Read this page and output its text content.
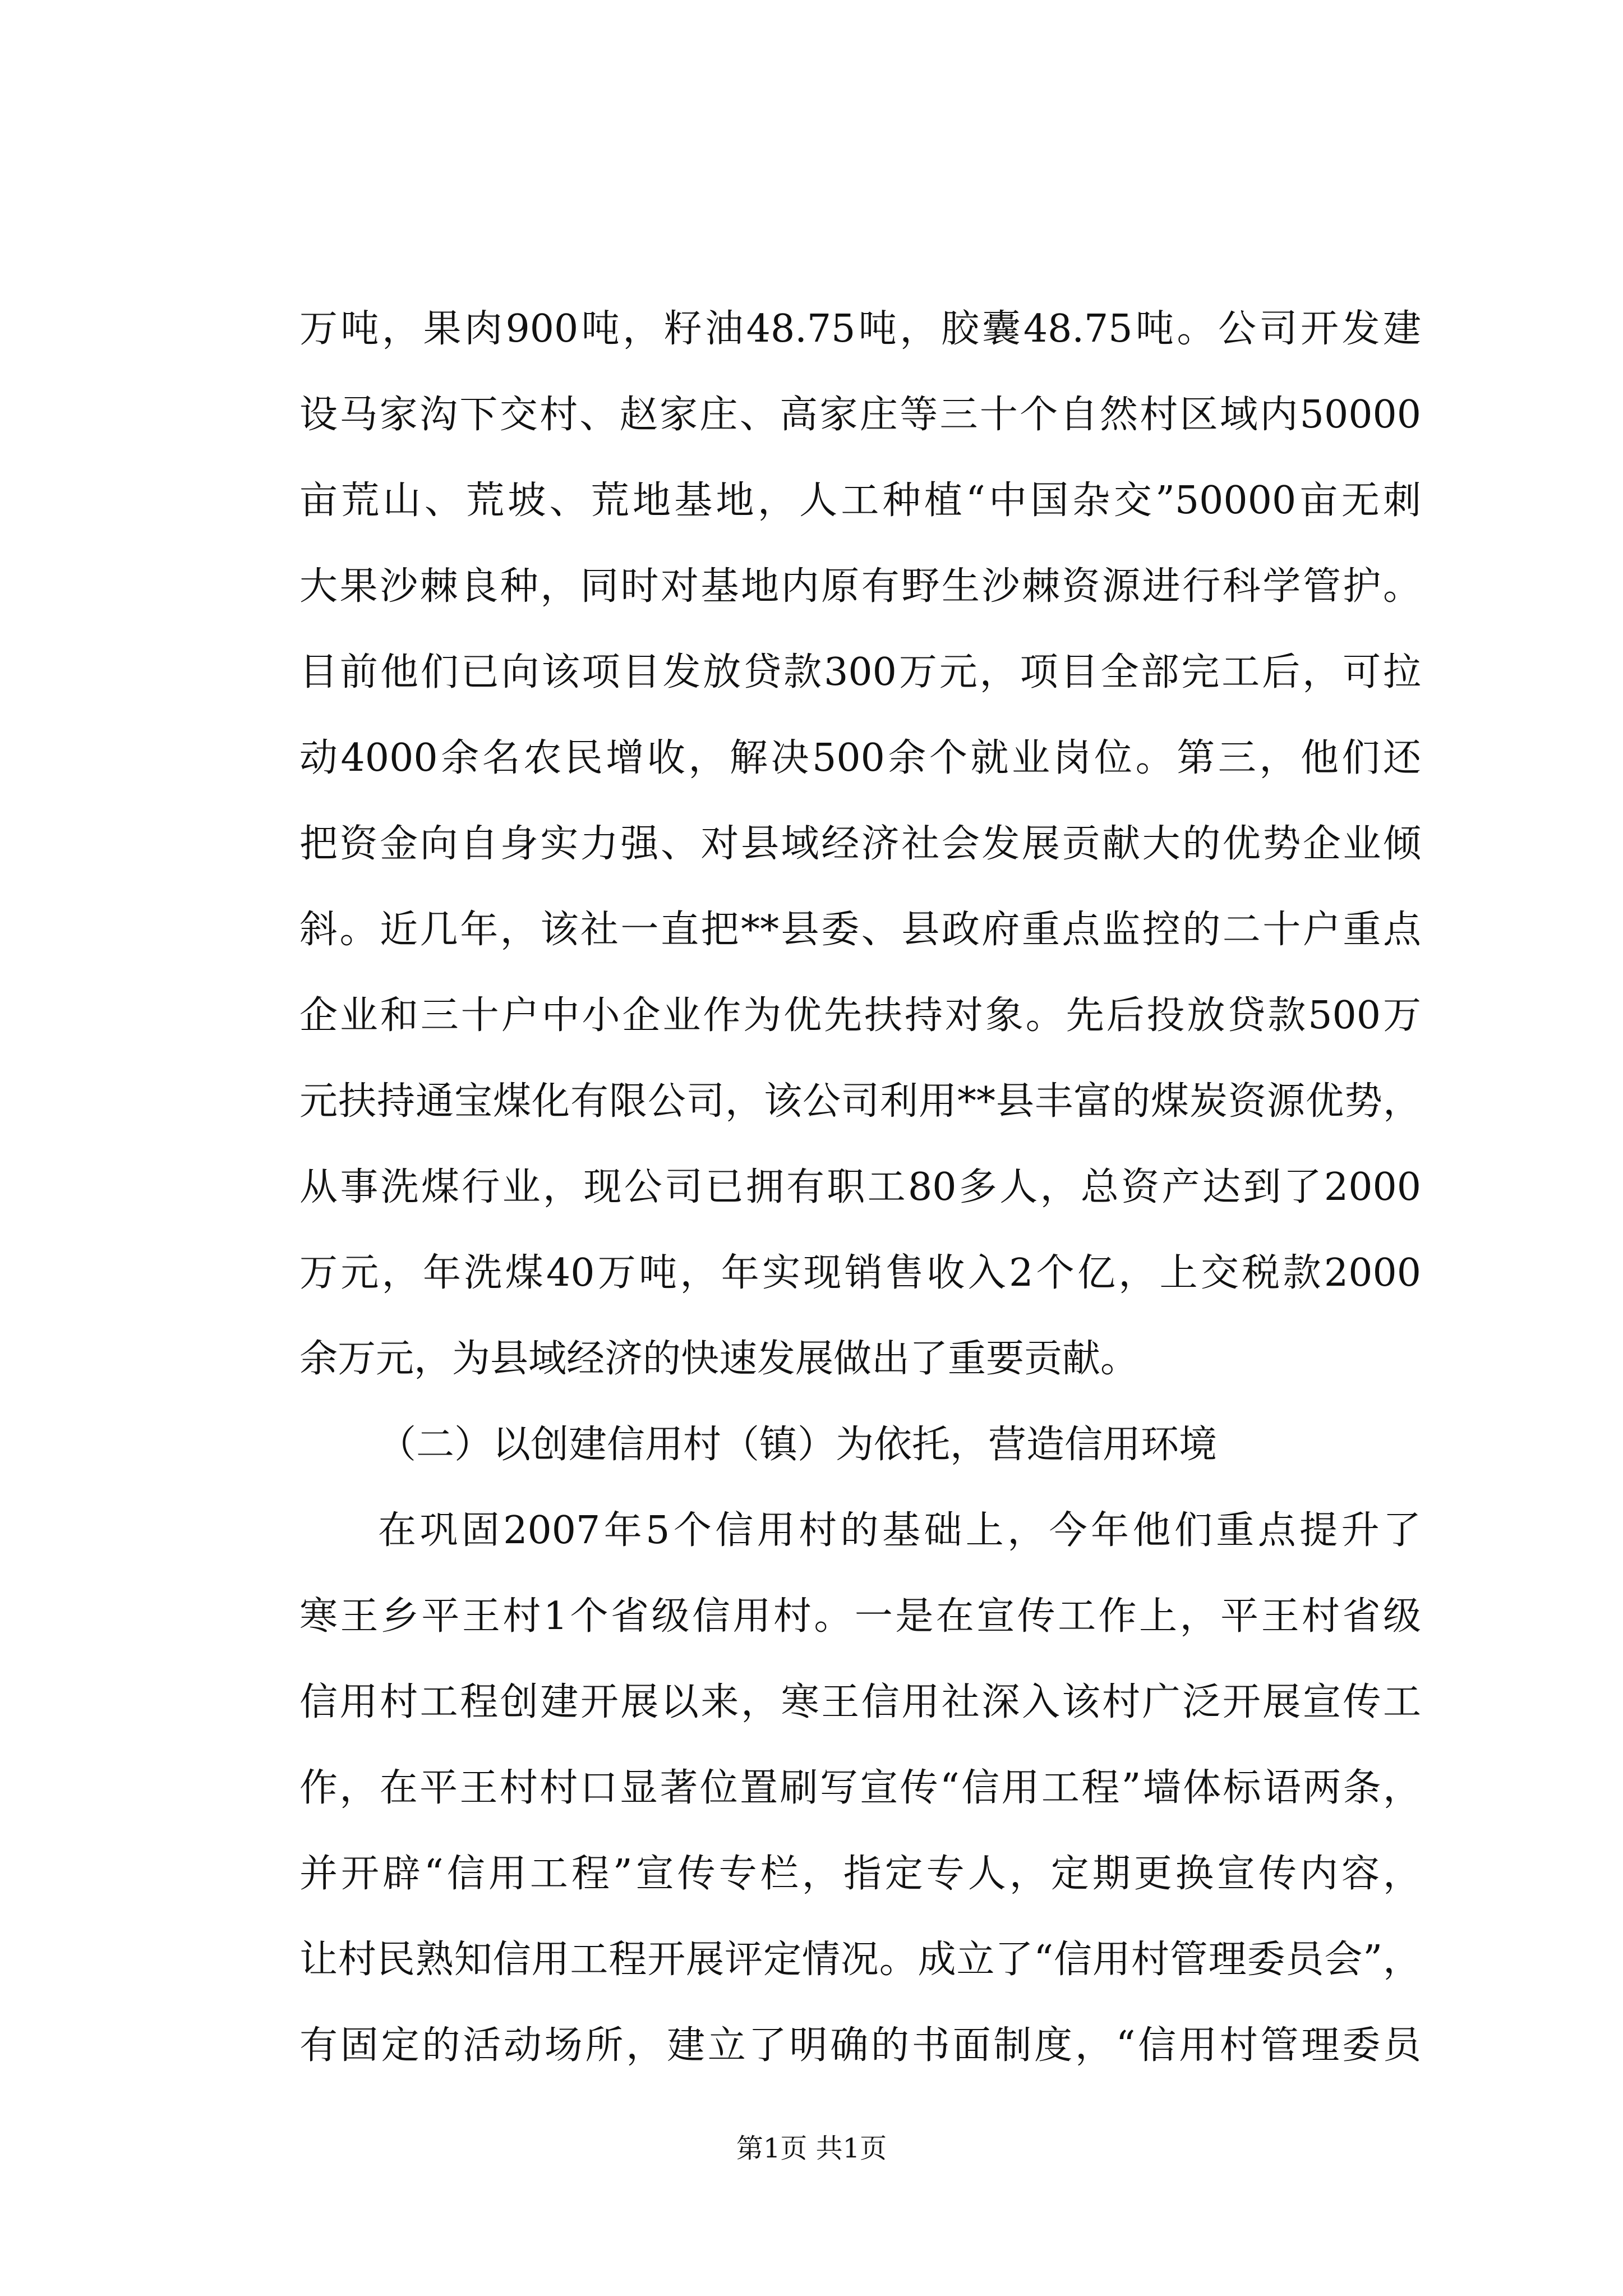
万吨，果肉900吨，籽油48.75吨，胶囊48.75吨。公司开发建
设马家沟下交村、赵家庄、高家庄等三十个自然村区域内50000
亩荒山、荒坡、荒地基地，人工种植“中国杂交”50000亩无刺
大果沙棘良种，同时对基地内原有野生沙棘资源进行科学管护。
目前他们已向该项目发放贷款300万元，项目全部完工后，可拉
动4000余名农民增收，解决500余个就业岗位。第三，他们还
把资金向自身实力强、对县域经济社会发展贡献大的优势企业倾
斜。近几年，该社一直把**县委、县政府重点监控的二十户重点
企业和三十户中小企业作为优先扶持对象。先后投放贷款500万
元扶持通宝煤化有限公司，该公司利用**县丰富的煤炭资源优势，
从事洗煤行业，现公司已拥有职工80多人，总资产达到了2000
万元，年洗煤40万吨，年实现销售收入2个亿，上交税款2000
余万元，为县域经济的快速发展做出了重要贡献。
（二）以创建信用村（镇）为依托，营造信用环境
在巩固2007年5个信用村的基础上，今年他们重点提升了
寒王乡平王村1个省级信用村。一是在宣传工作上，平王村省级
信用村工程创建开展以来，寒王信用社深入该村广泛开展宣传工
作，在平王村村口显著位置刷写宣传“信用工程”墙体标语两条，
并开辟“信用工程”宣传专栏，指定专人，定期更换宣传内容，
让村民熟知信用工程开展评定情况。成立了“信用村管理委员会”，
有固定的活动场所，建立了明确的书面制度，“信用村管理委员
第1页 共1页
